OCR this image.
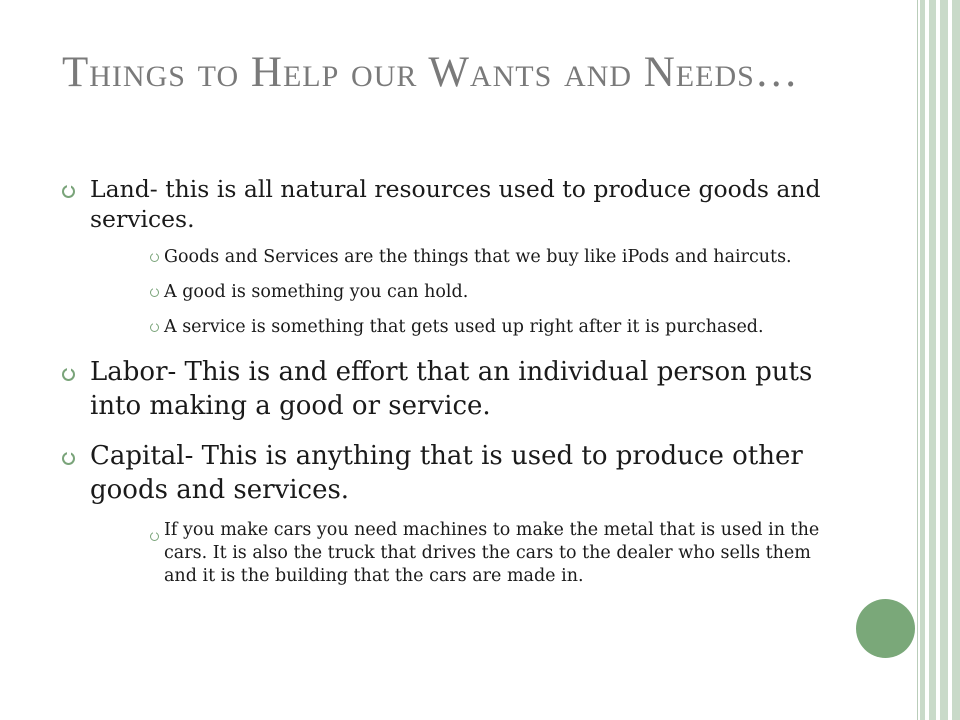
Things to Help our Wants and Needs…
Land- this is all natural resources used to produce goods and services.
Goods and Services are the things that we buy like iPods and haircuts.
A good is something you can hold.
A service is something that gets used up right after it is purchased.
Labor- This is and effort that an individual person puts into making a good or service.
Capital- This is anything that is used to produce other goods and services.
If you make cars you need machines to make the metal that is used in the cars. It is also the truck that drives the cars to the dealer who sells them and it is the building that the cars are made in.
